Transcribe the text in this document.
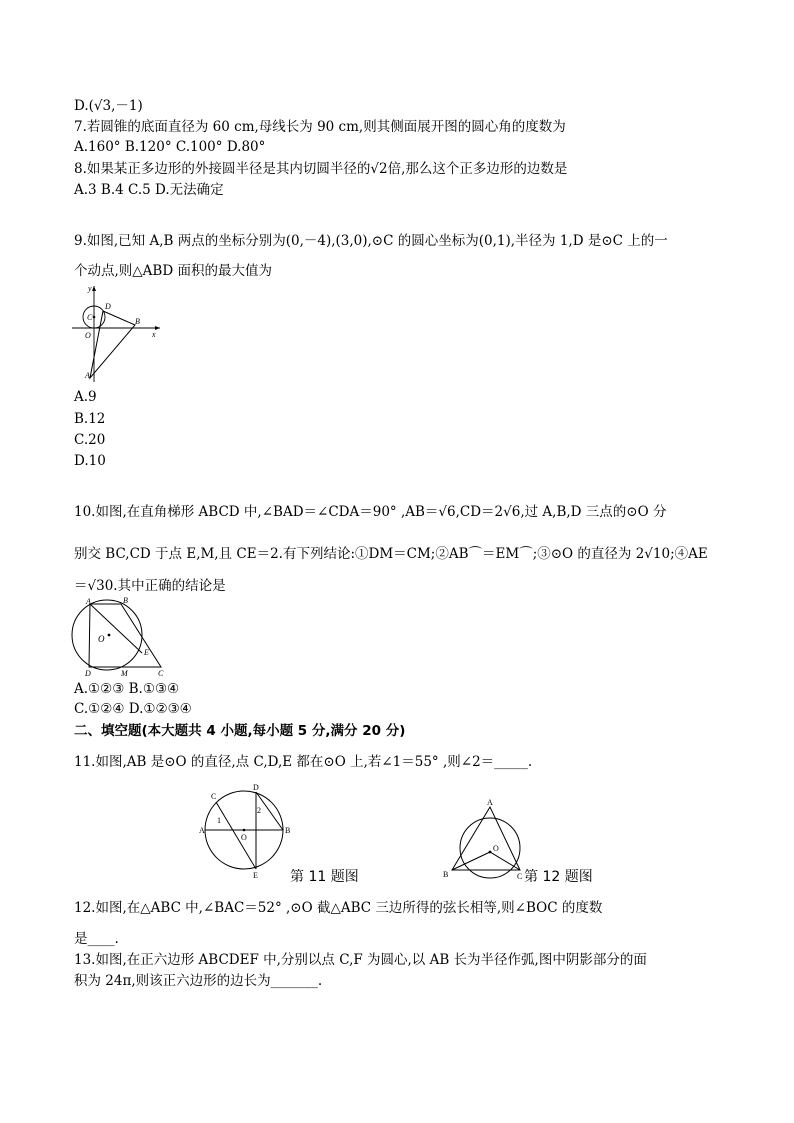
D.(√3,－1)
7.若圆锥的底面直径为 60 cm,母线长为 90 cm,则其侧面展开图的圆心角的度数为
A.160° B.120° C.100° D.80°
8.如果某正多边形的外接圆半径是其内切圆半径的√2倍,那么这个正多边形的边数是
A.3 B.4 C.5 D.无法确定
9.如图,已知 A,B 两点的坐标分别为(0,－4),(3,0),⊙C 的圆心坐标为(0,1),半径为 1,D 是⊙C 上的一
个动点,则△ABD 面积的最大值为
y
x
C
D
O
B
A
A.9
B.12
C.20
D.10
10.如图,在直角梯形 ABCD 中,∠BAD＝∠CDA＝90° ,AB＝√6,CD＝2√6,过 A,B,D 三点的⊙O 分
别交 BC,CD 于点 E,M,且 CE＝2.有下列结论:①DM＝CM;②AB⌒＝EM⌒;③⊙O 的直径为 2√10;④AE
＝√30.其中正确的结论是
A	B
O
E
D	M	C
A.①②③ B.①③④
C.①②④ D.①②③④
二、填空题(本大题共 4 小题,每小题 5 分,满分 20 分)
11.如图,AB 是⊙O 的直径,点 C,D,E 都在⊙O 上,若∠1＝55° ,则∠2＝_____.
C
D
1
2
A	B
O
E 第 11 题图
A
O
B	C 第 12 题图
12.如图,在△ABC 中,∠BAC＝52° ,⊙O 截△ABC 三边所得的弦长相等,则∠BOC 的度数
是____.
13.如图,在正六边形 ABCDEF 中,分别以点 C,F 为圆心,以 AB 长为半径作弧,图中阴影部分的面
积为 24π,则该正六边形的边长为_______.
